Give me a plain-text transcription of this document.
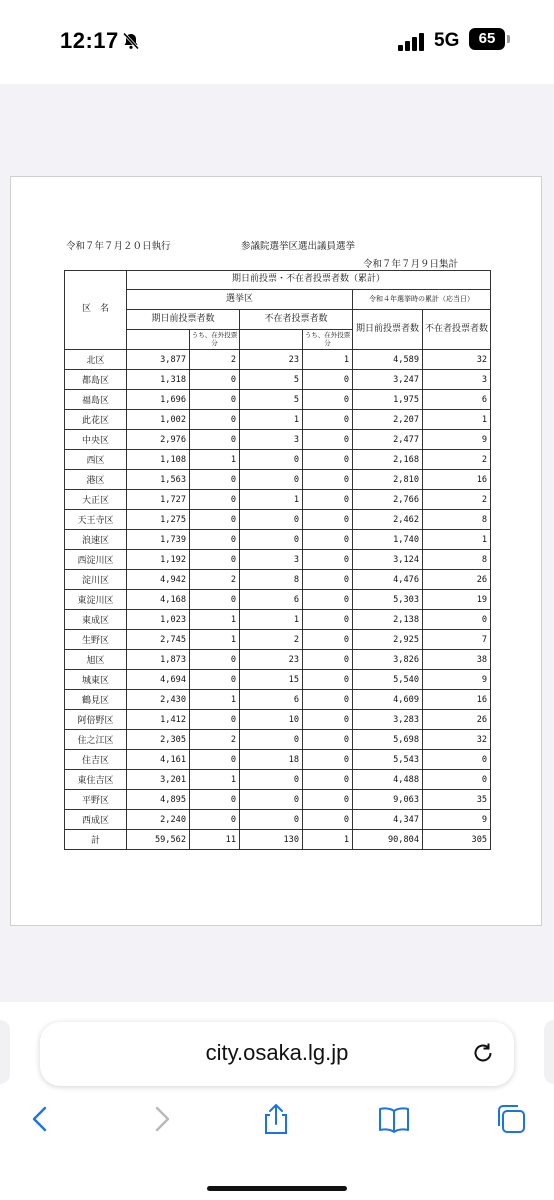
12:17	5G	65
令和７年７月２０日執行	参議院選挙区選出議員選挙
令和７年７月９日集計
区　名	期日前投票・不在者投票者数（累計）					
	選挙区				令和４年選挙時の累計（応当日）	
	期日前投票者数		不在者投票者数		期日前投票者数	不在者投票者数
		うち、在外投票分		うち、在外投票分		
北区	3,877	2	23	1	4,589	32
都島区	1,318	0	5	0	3,247	3
福島区	1,696	0	5	0	1,975	6
此花区	1,002	0	1	0	2,207	1
中央区	2,976	0	3	0	2,477	9
西区	1,108	1	0	0	2,168	2
港区	1,563	0	0	0	2,810	16
大正区	1,727	0	1	0	2,766	2
天王寺区	1,275	0	0	0	2,462	8
浪速区	1,739	0	0	0	1,740	1
西淀川区	1,192	0	3	0	3,124	8
淀川区	4,942	2	8	0	4,476	26
東淀川区	4,168	0	6	0	5,303	19
東成区	1,023	1	1	0	2,138	0
生野区	2,745	1	2	0	2,925	7
旭区	1,873	0	23	0	3,826	38
城東区	4,694	0	15	0	5,540	9
鶴見区	2,430	1	6	0	4,609	16
阿倍野区	1,412	0	10	0	3,283	26
住之江区	2,305	2	0	0	5,698	32
住吉区	4,161	0	18	0	5,543	0
東住吉区	3,201	1	0	0	4,488	0
平野区	4,895	0	0	0	9,063	35
西成区	2,240	0	0	0	4,347	9
計	59,562	11	130	1	90,804	305
city.osaka.lg.jp
